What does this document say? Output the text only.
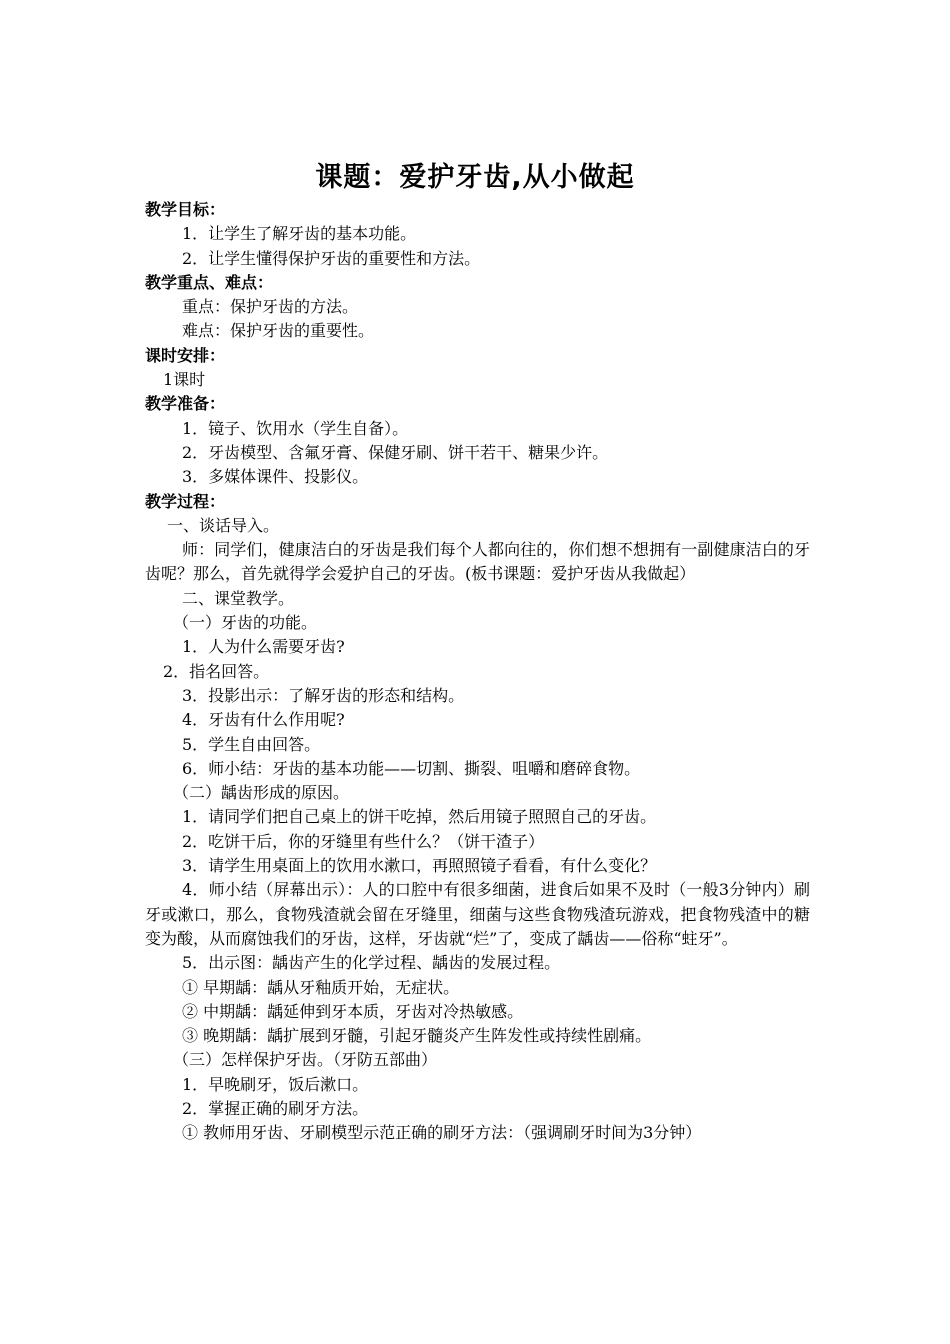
课题：爱护牙齿,从小做起
教学目标：
1．让学生了解牙齿的基本功能。
2．让学生懂得保护牙齿的重要性和方法。
教学重点、难点：
重点：保护牙齿的方法。
难点：保护牙齿的重要性。
课时安排：
1课时
教学准备：
1．镜子、饮用水（学生自备）。
2．牙齿模型、含氟牙膏、保健牙刷、饼干若干、糖果少许。
3．多媒体课件、投影仪。
教学过程：
一、谈话导入。
师：同学们，健康洁白的牙齿是我们每个人都向往的，你们想不想拥有一副健康洁白的牙齿呢？那么，首先就得学会爱护自己的牙齿。(板书课题：爱护牙齿从我做起）
二、课堂教学。
（一）牙齿的功能。
1．人为什么需要牙齿?
2．指名回答。
3．投影出示：了解牙齿的形态和结构。
4．牙齿有什么作用呢?
5．学生自由回答。
6．师小结：牙齿的基本功能——切割、撕裂、咀嚼和磨碎食物。
（二）龋齿形成的原因。
1．请同学们把自己桌上的饼干吃掉，然后用镜子照照自己的牙齿。
2．吃饼干后，你的牙缝里有些什么？（饼干渣子）
3．请学生用桌面上的饮用水漱口，再照照镜子看看，有什么变化？
4．师小结（屏幕出示）：人的口腔中有很多细菌，进食后如果不及时（一般3分钟内）刷牙或漱口，那么，食物残渣就会留在牙缝里，细菌与这些食物残渣玩游戏，把食物残渣中的糖变为酸，从而腐蚀我们的牙齿，这样，牙齿就“烂”了，变成了龋齿——俗称“蛀牙”。
5．出示图：龋齿产生的化学过程、龋齿的发展过程。
① 早期龋：龋从牙釉质开始，无症状。
② 中期龋：龋延伸到牙本质，牙齿对冷热敏感。
③ 晚期龋：龋扩展到牙髓，引起牙髓炎产生阵发性或持续性剧痛。
（三）怎样保护牙齿。（牙防五部曲）
1．早晚刷牙，饭后漱口。
2．掌握正确的刷牙方法。
① 教师用牙齿、牙刷模型示范正确的刷牙方法：（强调刷牙时间为3分钟）
